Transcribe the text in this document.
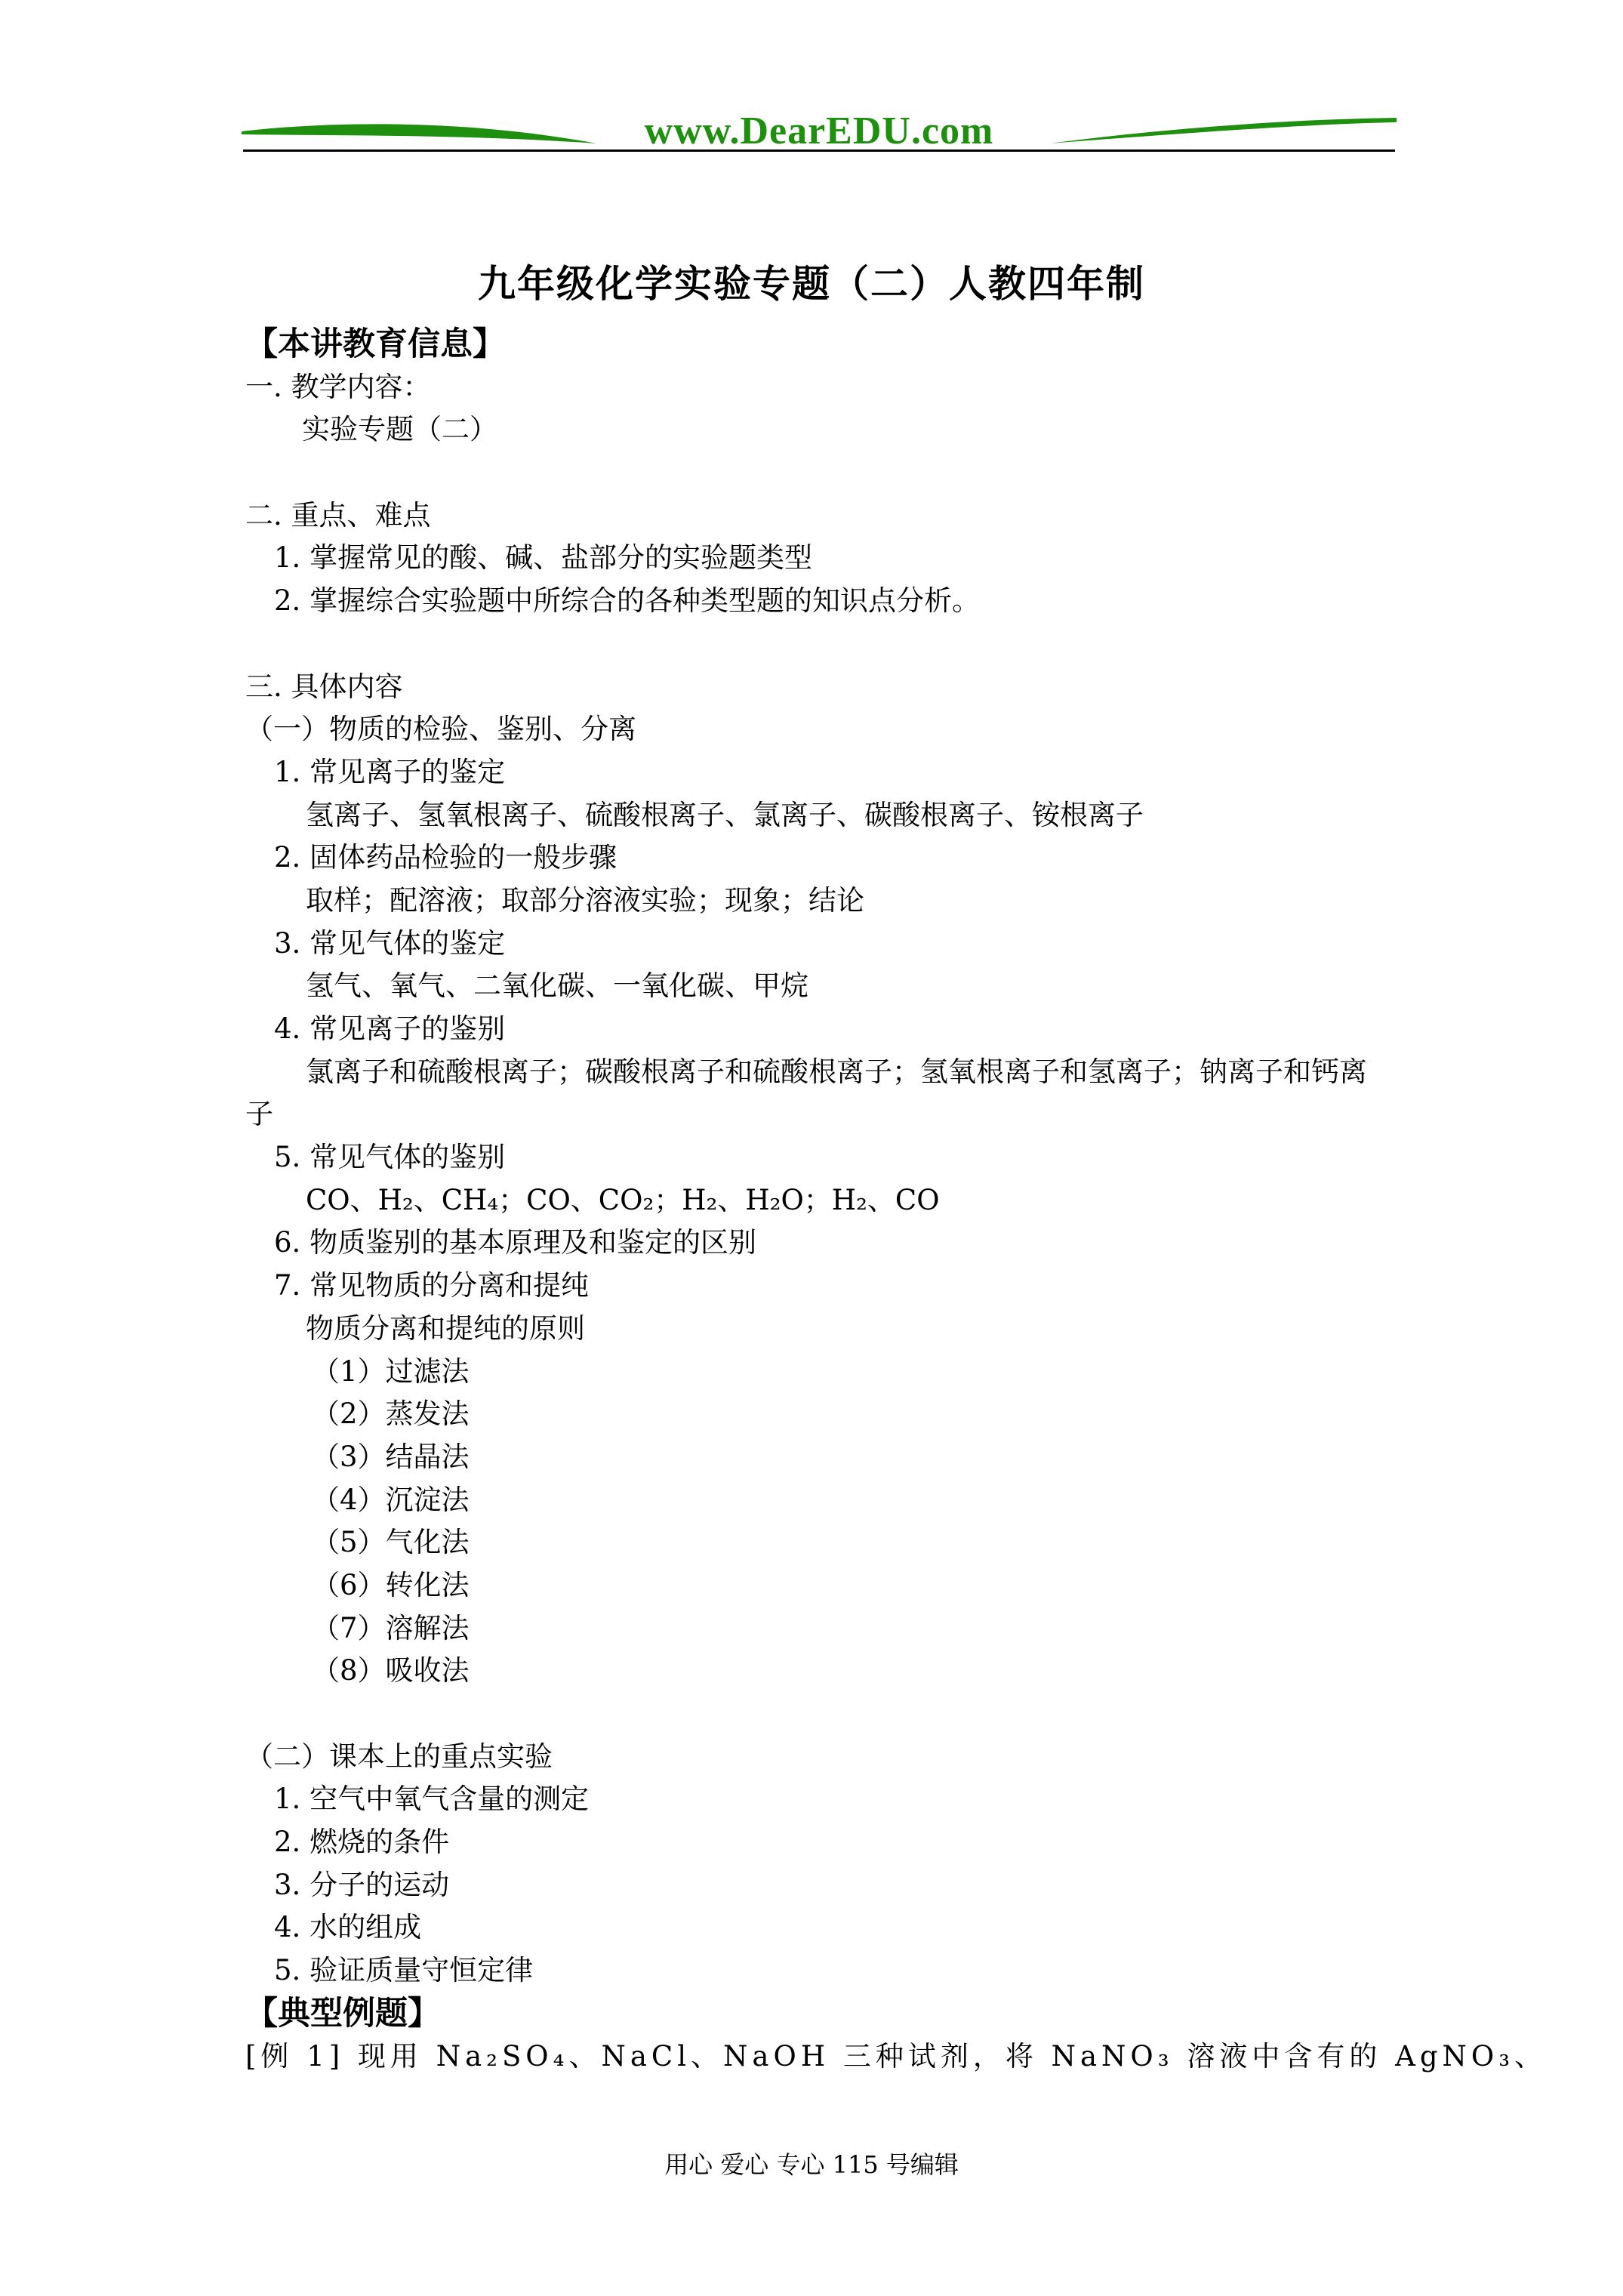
www.DearEDU.com
九年级化学实验专题（二）人教四年制
【本讲教育信息】
一. 教学内容：
实验专题（二）
二. 重点、难点
1. 掌握常见的酸、碱、盐部分的实验题类型
2. 掌握综合实验题中所综合的各种类型题的知识点分析。
三. 具体内容
（一）物质的检验、鉴别、分离
1. 常见离子的鉴定
氢离子、氢氧根离子、硫酸根离子、氯离子、碳酸根离子、铵根离子
2. 固体药品检验的一般步骤
取样；配溶液；取部分溶液实验；现象；结论
3. 常见气体的鉴定
氢气、氧气、二氧化碳、一氧化碳、甲烷
4. 常见离子的鉴别
氯离子和硫酸根离子；碳酸根离子和硫酸根离子；氢氧根离子和氢离子；钠离子和钙离
子
5. 常见气体的鉴别
CO、H₂、CH₄；CO、CO₂；H₂、H₂O；H₂、CO
6. 物质鉴别的基本原理及和鉴定的区别
7. 常见物质的分离和提纯
物质分离和提纯的原则
（1）过滤法
（2）蒸发法
（3）结晶法
（4）沉淀法
（5）气化法
（6）转化法
（7）溶解法
（8）吸收法
（二）课本上的重点实验
1. 空气中氧气含量的测定
2. 燃烧的条件
3. 分子的运动
4. 水的组成
5. 验证质量守恒定律
【典型例题】
[例 1] 现用 Na₂SO₄、NaCl、NaOH 三种试剂，将 NaNO₃ 溶液中含有的 AgNO₃、
用心 爱心 专心 115 号编辑
